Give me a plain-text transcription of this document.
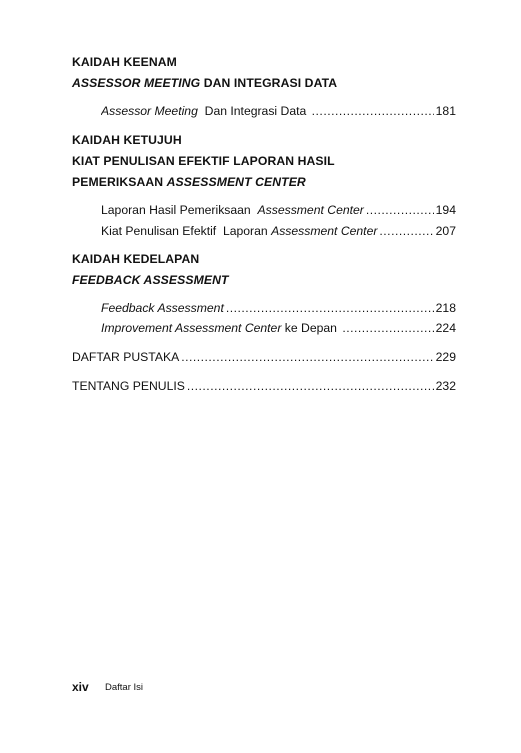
KAIDAH KEENAM
ASSESSOR MEETING DAN INTEGRASI DATA
Assessor Meeting  Dan Integrasi Data .....	181
KAIDAH KETUJUH
KIAT PENULISAN EFEKTIF LAPORAN HASIL
PEMERIKSAAN ASSESSMENT CENTER
Laporan Hasil Pemeriksaan  Assessment Center .....	194
Kiat Penulisan Efektif  Laporan Assessment Center .....	207
KAIDAH KEDELAPAN
FEEDBACK ASSESSMENT
Feedback Assessment .....	218
Improvement Assessment Center ke Depan .....	224
DAFTAR PUSTAKA .....	229
TENTANG PENULIS .....	232
xiv Daftar Isi
